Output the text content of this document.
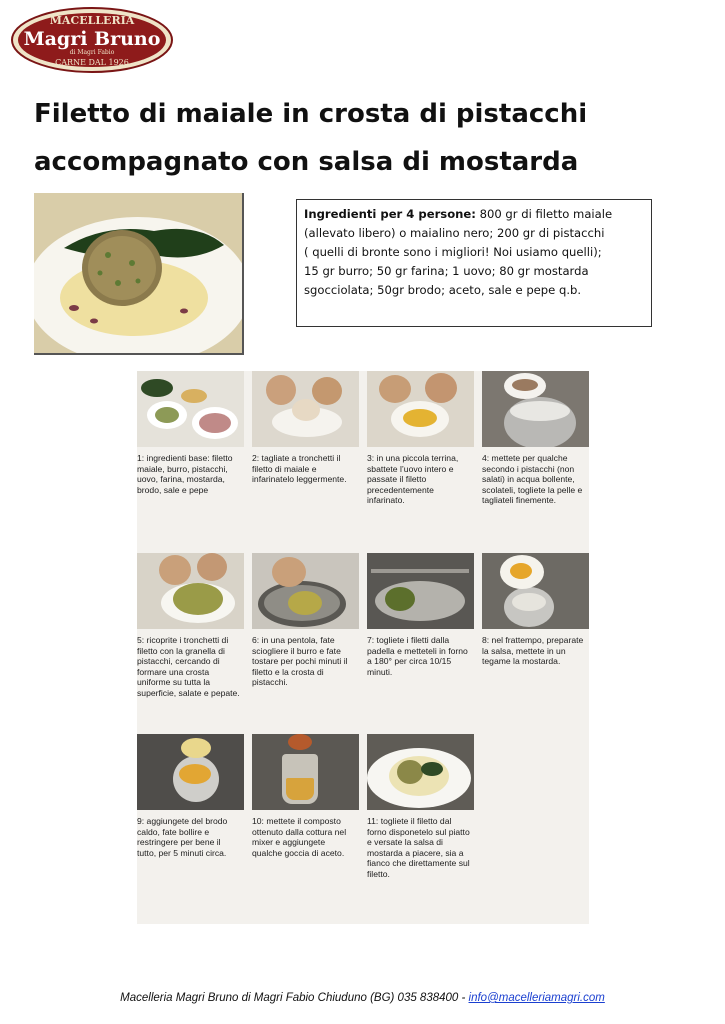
MACELLERIA
Magri Bruno
di Magri Fabio
CARNE DAL 1926
Filetto di maiale in crosta di pistacchi
accompagnato con salsa di mostarda
Ingredienti per 4 persone: 800 gr di filetto maiale
(allevato libero) o maialino nero; 200 gr di pistacchi
( quelli di bronte sono i migliori! Noi usiamo quelli);
15 gr burro; 50 gr farina; 1 uovo; 80 gr mostarda
sgocciolata; 50gr brodo; aceto, sale e pepe q.b.
1: ingredienti base: filetto maiale, burro, pistacchi, uovo, farina, mostarda, brodo, sale e pepe
2: tagliate a tronchetti il filetto di maiale e infarinatelo leggermente.
3: in una piccola terrina, sbattete l’uovo intero e passate il filetto precedentemente infarinato.
4: mettete per qualche secondo i pistacchi (non salati) in acqua bollente, scolateli, togliete la pelle e tagliateli finemente.
5: ricoprite i tronchetti di filetto con la granella di pistacchi, cercando di formare una crosta uniforme su tutta la superficie, salate e pepate.
6: in una pentola, fate sciogliere il burro e fate tostare per pochi minuti il filetto e la crosta di pistacchi.
7: togliete i filetti dalla padella e metteteli in forno a 180° per circa 10/15 minuti.
8: nel frattempo, preparate la salsa, mettete in un tegame la mostarda.
9: aggiungete del brodo caldo, fate bollire e restringere per bene il tutto, per 5 minuti circa.
10: mettete il composto ottenuto dalla cottura nel mixer e aggiungete qualche goccia di aceto.
11: togliete il filetto dal forno disponetelo sul piatto e versate la salsa di mostarda a piacere, sia a fianco che direttamente sul filetto.
Macelleria Magri Bruno di Magri Fabio Chiuduno (BG) 035 838400 - info@macelleriamagri.com
